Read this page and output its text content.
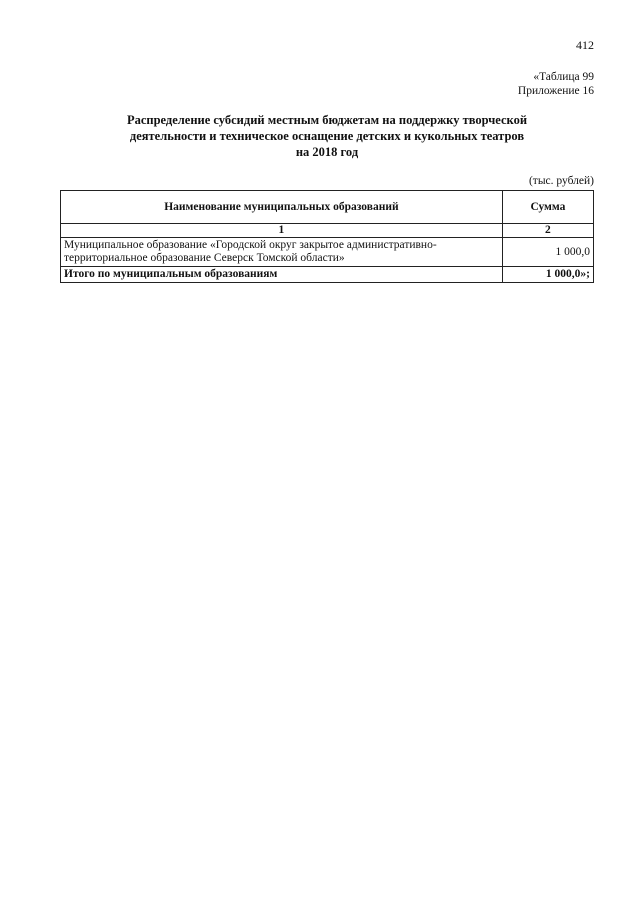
412
«Таблица 99
Приложение 16
Распределение субсидий местным бюджетам на поддержку творческой
деятельности и техническое оснащение детских и кукольных театров
на 2018 год
(тыс. рублей)
Наименование муниципальных образований	Сумма
1	2
Муниципальное образование «Городской округ закрытое административно-территориальное образование Северск Томской области»	1 000,0
Итого по муниципальным образованиям	1 000,0»;
